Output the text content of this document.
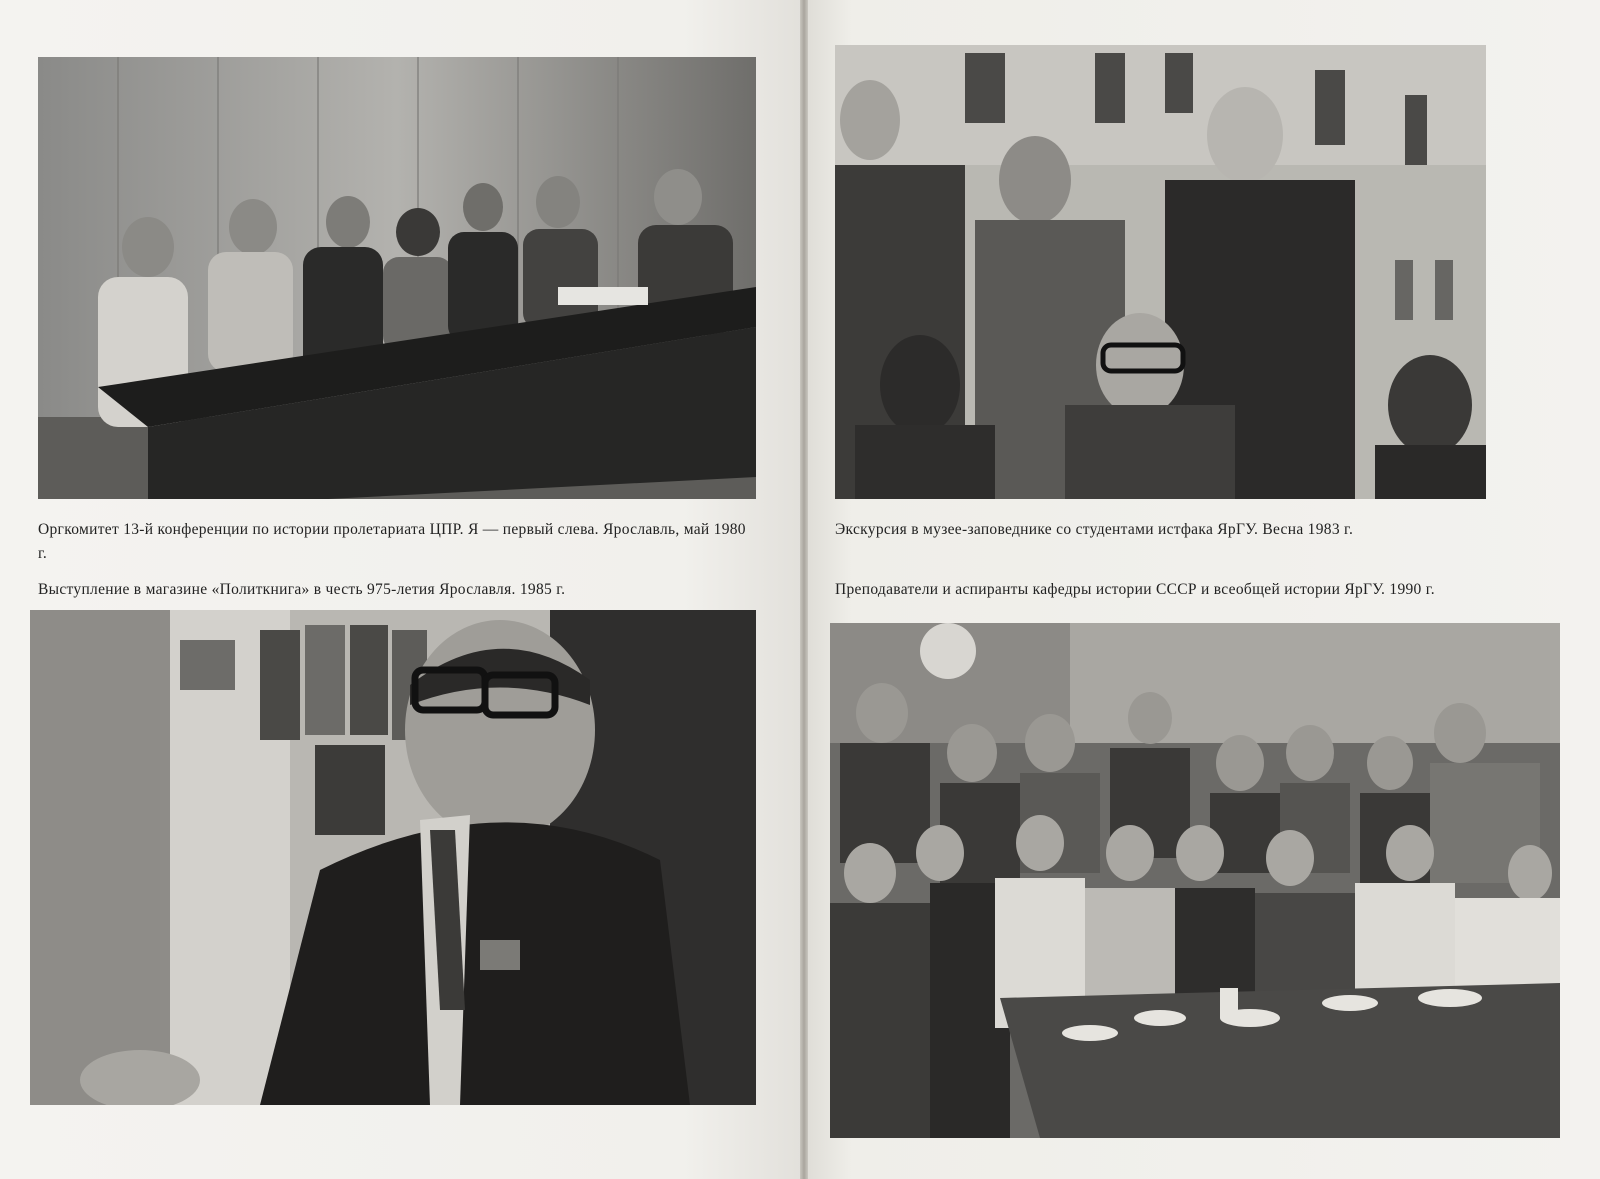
Оргкомитет 13-й конференции по истории пролетариата ЦПР. Я — первый слева. Ярославль, май 1980 г.
Экскурсия в музее-заповеднике со студентами истфака ЯрГУ. Весна 1983 г.
Выступление в магазине «Политкнига» в честь 975-летия Ярославля. 1985 г.	Преподаватели и аспиранты кафедры истории СССР и всеобщей истории ЯрГУ. 1990 г.
